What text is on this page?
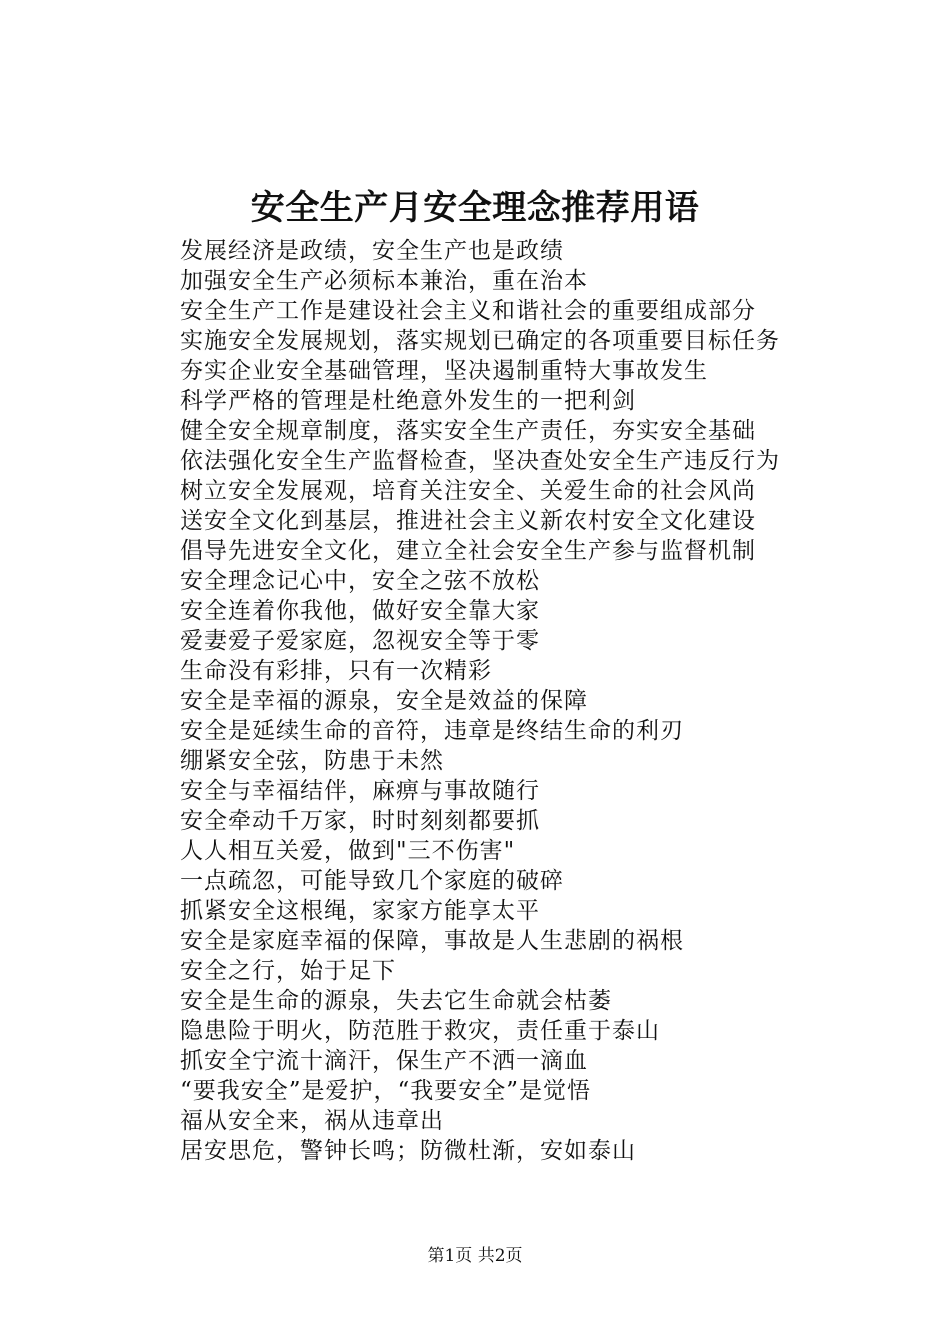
安全生产月安全理念推荐用语
发展经济是政绩，安全生产也是政绩
加强安全生产必须标本兼治，重在治本
安全生产工作是建设社会主义和谐社会的重要组成部分
实施安全发展规划，落实规划已确定的各项重要目标任务
夯实企业安全基础管理，坚决遏制重特大事故发生
科学严格的管理是杜绝意外发生的一把利剑
健全安全规章制度，落实安全生产责任，夯实安全基础
依法强化安全生产监督检查，坚决查处安全生产违反行为
树立安全发展观，培育关注安全、关爱生命的社会风尚
送安全文化到基层，推进社会主义新农村安全文化建设
倡导先进安全文化，建立全社会安全生产参与监督机制
安全理念记心中，安全之弦不放松
安全连着你我他，做好安全靠大家
爱妻爱子爱家庭，忽视安全等于零
生命没有彩排，只有一次精彩
安全是幸福的源泉，安全是效益的保障
安全是延续生命的音符，违章是终结生命的利刃
绷紧安全弦，防患于未然
安全与幸福结伴，麻痹与事故随行
安全牵动千万家，时时刻刻都要抓
人人相互关爱，做到"三不伤害"
一点疏忽，可能导致几个家庭的破碎
抓紧安全这根绳，家家方能享太平
安全是家庭幸福的保障，事故是人生悲剧的祸根
安全之行，始于足下
安全是生命的源泉，失去它生命就会枯萎
隐患险于明火，防范胜于救灾，责任重于泰山
抓安全宁流十滴汗，保生产不洒一滴血
“要我安全”是爱护，“我要安全”是觉悟
福从安全来，祸从违章出
居安思危，警钟长鸣；防微杜渐，安如泰山
第1页 共2页
